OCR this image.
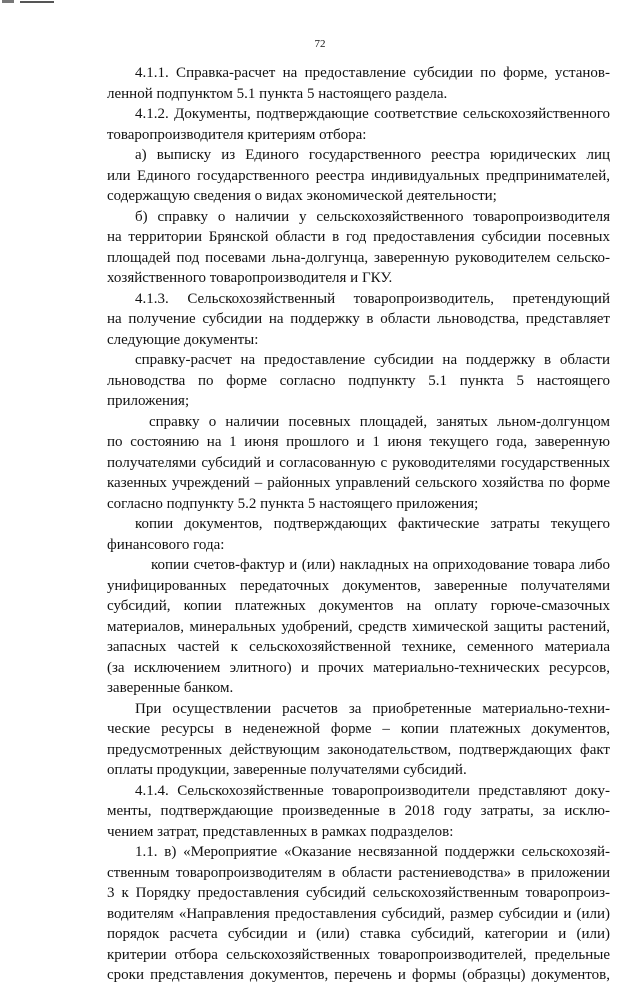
72
4.1.1. Справка-расчет на предоставление субсидии по форме, установ-
ленной подпунктом 5.1 пункта 5 настоящего раздела.
4.1.2. Документы, подтверждающие соответствие сельскохозяйственного
товаропроизводителя критериям отбора:
а) выписку из Единого государственного реестра юридических лиц
или Единого государственного реестра индивидуальных предпринимателей,
содержащую сведения о видах экономической деятельности;
б) справку о наличии у сельскохозяйственного товаропроизводителя
на территории Брянской области в год предоставления субсидии посевных
площадей под посевами льна-долгунца, заверенную руководителем сельско-
хозяйственного товаропроизводителя и ГКУ.
4.1.3. Сельскохозяйственный товаропроизводитель, претендующий
на получение субсидии на поддержку в области льноводства, представляет
следующие документы:
справку-расчет на предоставление субсидии на поддержку в области
льноводства по форме согласно подпункту 5.1 пункта 5 настоящего
приложения;
справку о наличии посевных площадей, занятых льном-долгунцом
по состоянию на 1 июня прошлого и 1 июня текущего года, заверенную
получателями субсидий и согласованную с руководителями государственных
казенных учреждений – районных управлений сельского хозяйства по форме
согласно подпункту 5.2 пункта 5 настоящего приложения;
копии документов, подтверждающих фактические затраты текущего
финансового года:
копии счетов-фактур и (или) накладных на оприходование товара либо
унифицированных передаточных документов, заверенные получателями
субсидий, копии платежных документов на оплату горюче-смазочных
материалов, минеральных удобрений, средств химической защиты растений,
запасных частей к сельскохозяйственной технике, семенного материала
(за исключением элитного) и прочих материально-технических ресурсов,
заверенные банком.
При осуществлении расчетов за приобретенные материально-техни-
ческие ресурсы в неденежной форме – копии платежных документов,
предусмотренных действующим законодательством, подтверждающих факт
оплаты продукции, заверенные получателями субсидий.
4.1.4. Сельскохозяйственные товаропроизводители представляют доку-
менты, подтверждающие произведенные в 2018 году затраты, за исклю-
чением затрат, представленных в рамках подразделов:
1.1. в) «Мероприятие «Оказание несвязанной поддержки сельскохозяй-
ственным товаропроизводителям в области растениеводства» в приложении
3 к Порядку предоставления субсидий сельскохозяйственным товаропроиз-
водителям «Направления предоставления субсидий, размер субсидии и (или)
порядок расчета субсидии и (или) ставка субсидий, категории и (или)
критерии отбора сельскохозяйственных товаропроизводителей, предельные
сроки представления документов, перечень и формы (образцы) документов,
